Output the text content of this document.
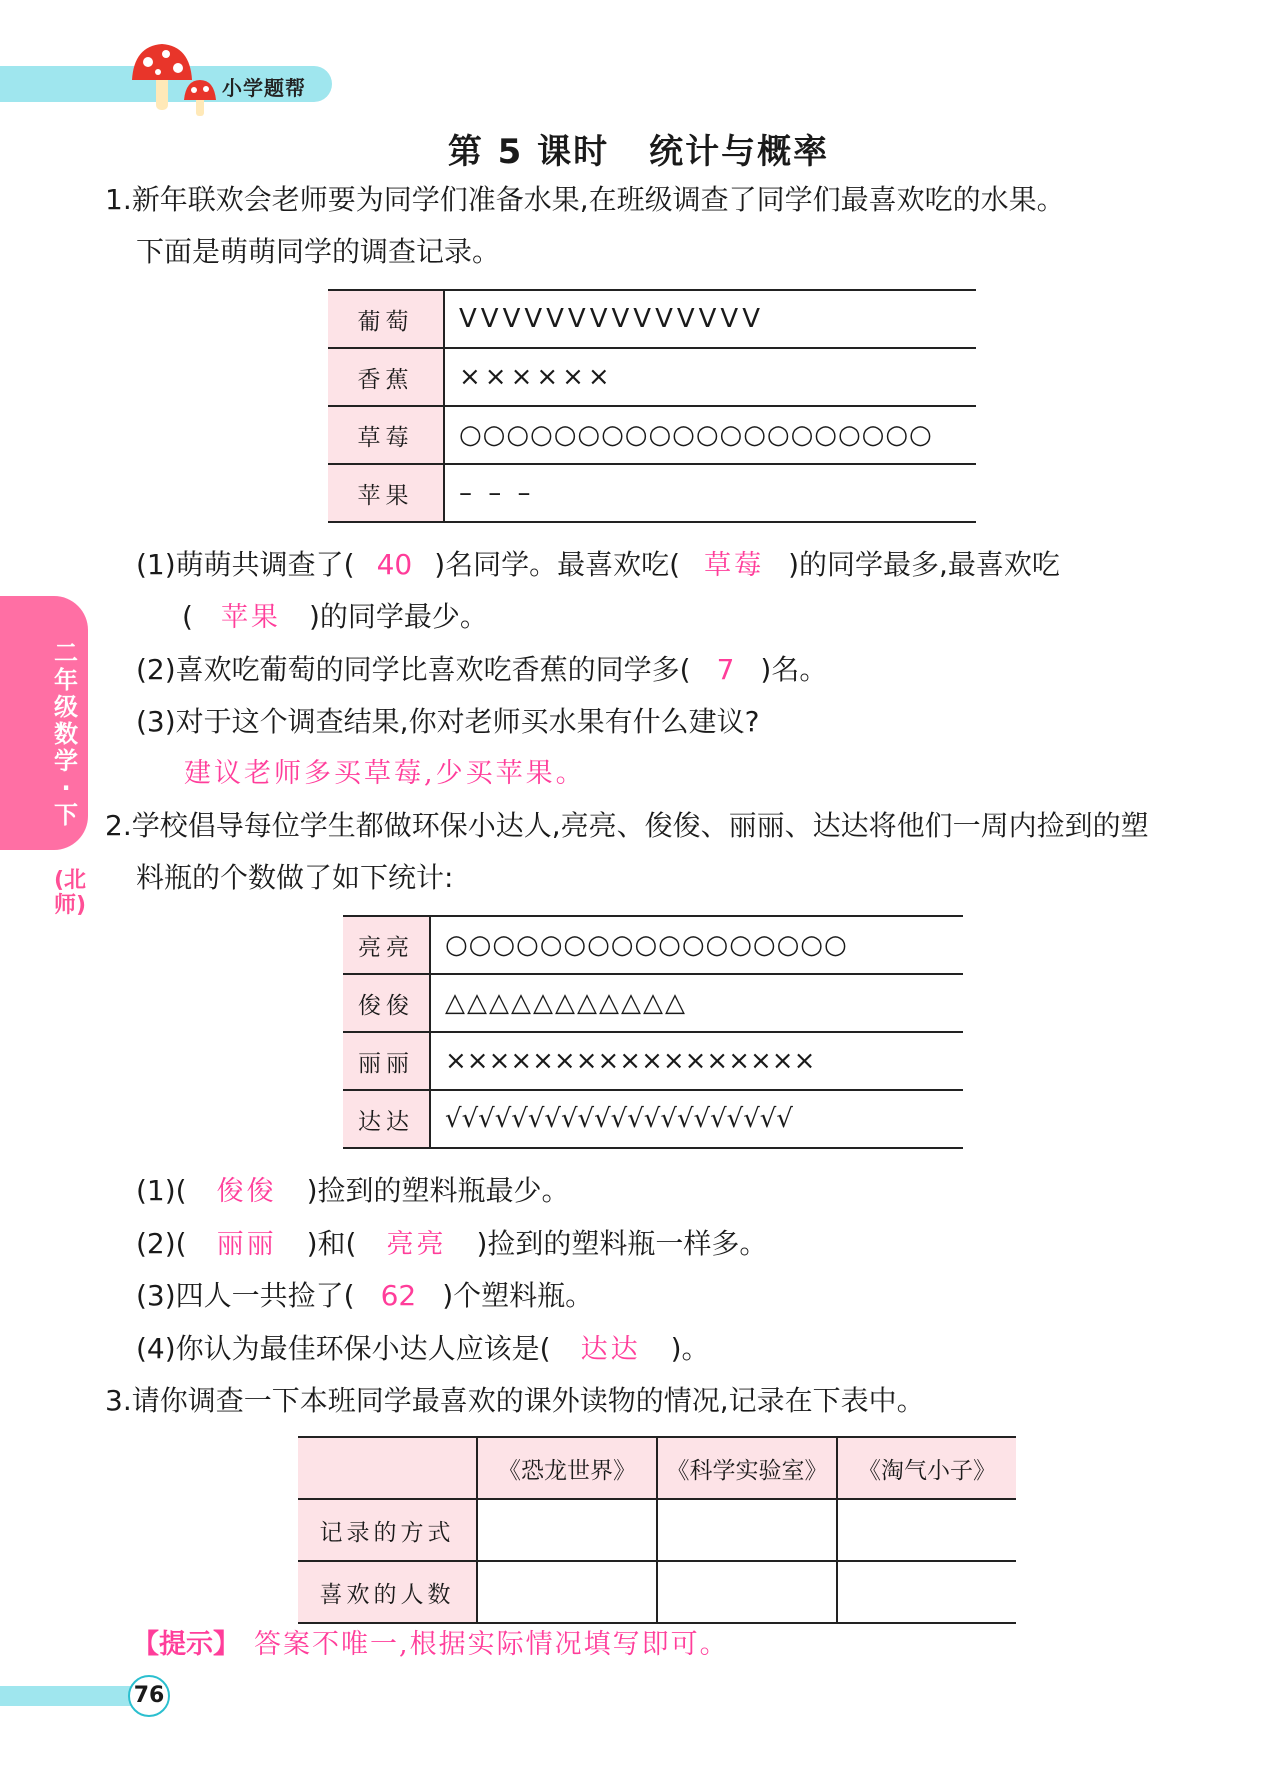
小学题帮
第 5 课时 统计与概率
二年级数学·下
(北师)
1.新年联欢会老师要为同学们准备水果,在班级调查了同学们最喜欢吃的水果。
下面是萌萌同学的调查记录。
葡萄	VVVVVVVVVVVVVV
香蕉	××××××
草莓	○○○○○○○○○○○○○○○○○○○○
苹果	– – –
(1)萌萌共调查了( 40 )名同学。最喜欢吃( 草莓 )的同学最多,最喜欢吃
( 苹果 )的同学最少。
(2)喜欢吃葡萄的同学比喜欢吃香蕉的同学多( 7 )名。
(3)对于这个调查结果,你对老师买水果有什么建议?
建议老师多买草莓,少买苹果。
2.学校倡导每位学生都做环保小达人,亮亮、俊俊、丽丽、达达将他们一周内捡到的塑
料瓶的个数做了如下统计:
亮亮	○○○○○○○○○○○○○○○○○
俊俊	△△△△△△△△△△△
丽丽	×××××××××××××××××
达达	√√√√√√√√√√√√√√√√√√√√√
(1)( 俊俊 )捡到的塑料瓶最少。
(2)( 丽丽 )和( 亮亮 )捡到的塑料瓶一样多。
(3)四人一共捡了( 62 )个塑料瓶。
(4)你认为最佳环保小达人应该是( 达达 )。
3.请你调查一下本班同学最喜欢的课外读物的情况,记录在下表中。
	《恐龙世界》	《科学实验室》	《淘气小子》
记录的方式			
喜欢的人数			
【提示】 答案不唯一,根据实际情况填写即可。
76
